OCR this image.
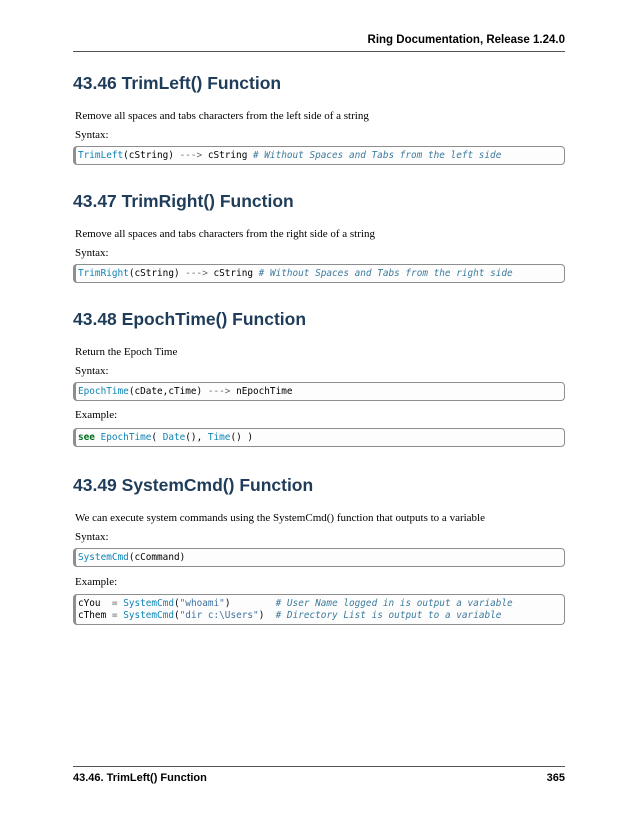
Ring Documentation, Release 1.24.0
43.46 TrimLeft() Function

Remove all spaces and tabs characters from the left side of a string

Syntax:

TrimLeft(cString) ---> cString # Without Spaces and Tabs from the left side
43.47 TrimRight() Function

Remove all spaces and tabs characters from the right side of a string

Syntax:

TrimRight(cString) ---> cString # Without Spaces and Tabs from the right side
43.48 EpochTime() Function

Return the Epoch Time

Syntax:

EpochTime(cDate,cTime) ---> nEpochTime

Example:

see EpochTime( Date(), Time() )
43.49 SystemCmd() Function

We can execute system commands using the SystemCmd() function that outputs to a variable

Syntax:

SystemCmd(cCommand)

Example:

cYou  = SystemCmd("whoami")	# User Name logged in is output a variable
cThem = SystemCmd("dir c:\Users") # Directory List is output to a variable
43.46. TrimLeft() Function	365
